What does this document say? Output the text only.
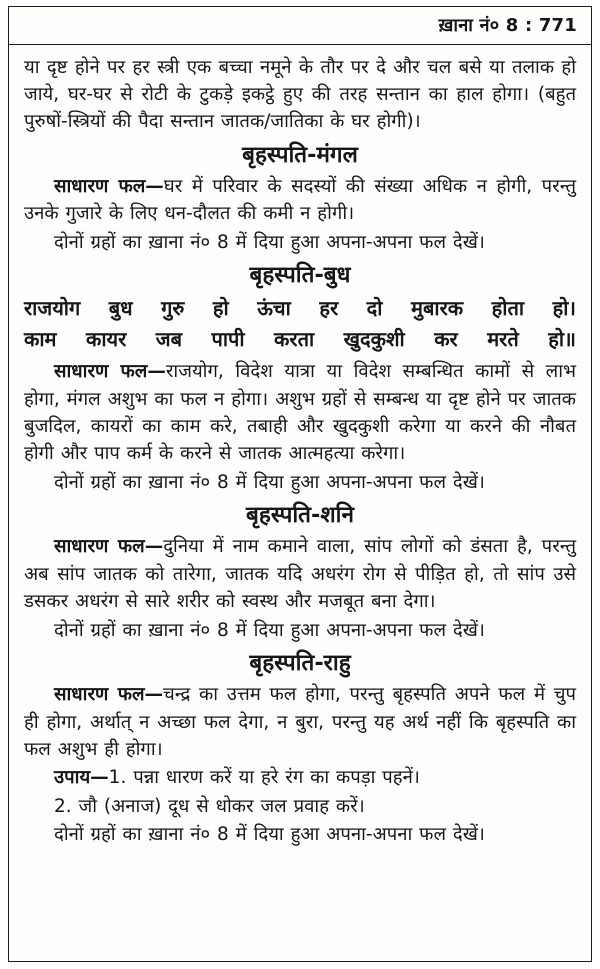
ख़ाना नं० 8 : 771

या दृष्ट होने पर हर स्त्री एक बच्चा नमूने के तौर पर दे और चल बसे या तलाक हो जाये, घर-घर से रोटी के टुकड़े इकट्ठे हुए की तरह सन्तान का हाल होगा। (बहुत पुरुषों-स्त्रियों की पैदा सन्तान जातक/जातिका के घर होगी)।

बृहस्पति-मंगल

साधारण फल—घर में परिवार के सदस्यों की संख्या अधिक न होगी, परन्तु उनके गुजारे के लिए धन-दौलत की कमी न होगी।

दोनों ग्रहों का ख़ाना नं० 8 में दिया हुआ अपना-अपना फल देखें।

बृहस्पति-बुध
राजयोग बुध गुरु हो ऊंचा हर दो मुबारक होता हो।
काम कायर जब पापी करता खुदकुशी कर मरते हो॥

साधारण फल—राजयोग, विदेश यात्रा या विदेश सम्बन्धित कामों से लाभ होगा, मंगल अशुभ का फल न होगा। अशुभ ग्रहों से सम्बन्ध या दृष्ट होने पर जातक बुजदिल, कायरों का काम करे, तबाही और खुदकुशी करेगा या करने की नौबत होगी और पाप कर्म के करने से जातक आत्महत्या करेगा।

दोनों ग्रहों का ख़ाना नं० 8 में दिया हुआ अपना-अपना फल देखें।

बृहस्पति-शनि

साधारण फल—दुनिया में नाम कमाने वाला, सांप लोगों को डंसता है, परन्तु अब सांप जातक को तारेगा, जातक यदि अधरंग रोग से पीड़ित हो, तो सांप उसे डसकर अधरंग से सारे शरीर को स्वस्थ और मजबूत बना देगा।

दोनों ग्रहों का ख़ाना नं० 8 में दिया हुआ अपना-अपना फल देखें।

बृहस्पति-राहु

साधारण फल—चन्द्र का उत्तम फल होगा, परन्तु बृहस्पति अपने फल में चुप ही होगा, अर्थात् न अच्छा फल देगा, न बुरा, परन्तु यह अर्थ नहीं कि बृहस्पति का फल अशुभ ही होगा।

उपाय—1. पन्ना धारण करें या हरे रंग का कपड़ा पहनें।

2. जौ (अनाज) दूध से धोकर जल प्रवाह करें।

दोनों ग्रहों का ख़ाना नं० 8 में दिया हुआ अपना-अपना फल देखें।
